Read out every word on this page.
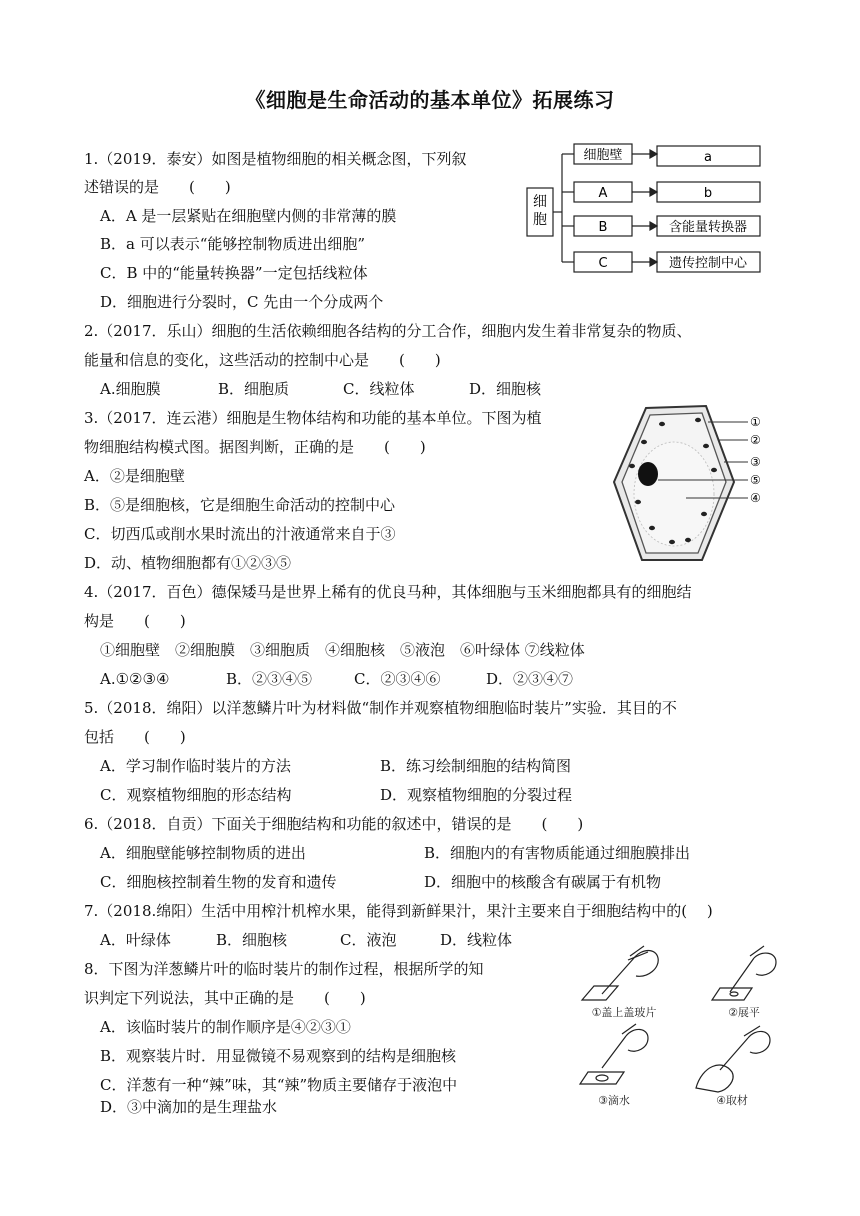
《细胞是生命活动的基本单位》拓展练习
1.（2019．泰安）如图是植物细胞的相关概念图，下列叙
述错误的是　　(　　)
A．A 是一层紧贴在细胞壁内侧的非常薄的膜
B．a 可以表示“能够控制物质进出细胞”
C．B 中的“能量转换器”一定包括线粒体
D．细胞进行分裂时，C 先由一个分成两个
细
胞
细胞壁
A
B
C
a
b
含能量转换器
遗传控制中心
2.（2017．乐山）细胞的生活依赖细胞各结构的分工合作，细胞内发生着非常复杂的物质、
能量和信息的变化，这些活动的控制中心是　　(　　)
A.细胞膜	B．细胞质	C．线粒体	D．细胞核
3.（2017．连云港）细胞是生物体结构和功能的基本单位。下图为植
物细胞结构模式图。据图判断，正确的是　　(　　)
A．②是细胞壁
B．⑤是细胞核，它是细胞生命活动的控制中心
C．切西瓜或削水果时流出的汁液通常来自于③
D．动、植物细胞都有①②③⑤
①
②
③
⑤
④
4.（2017．百色）德保矮马是世界上稀有的优良马种，其体细胞与玉米细胞都具有的细胞结
构是　　(　　)
①细胞壁　②细胞膜　③细胞质　④细胞核　⑤液泡　⑥叶绿体 ⑦线粒体
A.①②③④	B．②③④⑤	C．②③④⑥	D．②③④⑦
5.（2018．绵阳）以洋葱鳞片叶为材料做“制作并观察植物细胞临时装片”实验．其目的不
包括　　(　　)
A．学习制作临时装片的方法	B．练习绘制细胞的结构简图
C．观察植物细胞的形态结构	D．观察植物细胞的分裂过程
6.（2018．自贡）下面关于细胞结构和功能的叙述中，错误的是　　(　　)
A．细胞壁能够控制物质的进出	B．细胞内的有害物质能通过细胞膜排出
C．细胞核控制着生物的发育和遗传	D．细胞中的核酸含有碳属于有机物
7.（2018.绵阳）生活中用榨汁机榨水果，能得到新鲜果汁，果汁主要来自于细胞结构中的(　 )
A．叶绿体	B．细胞核	C．液泡	D．线粒体
8．下图为洋葱鳞片叶的临时装片的制作过程，根据所学的知
识判定下列说法，其中正确的是　　(　　)
A．该临时装片的制作顺序是④②③①
B．观察装片时．用显微镜不易观察到的结构是细胞核
C．洋葱有一种“辣”味，其“辣”物质主要储存于液泡中
D．③中滴加的是生理盐水
①盖上盖玻片	②展平
③滴水	④取材
